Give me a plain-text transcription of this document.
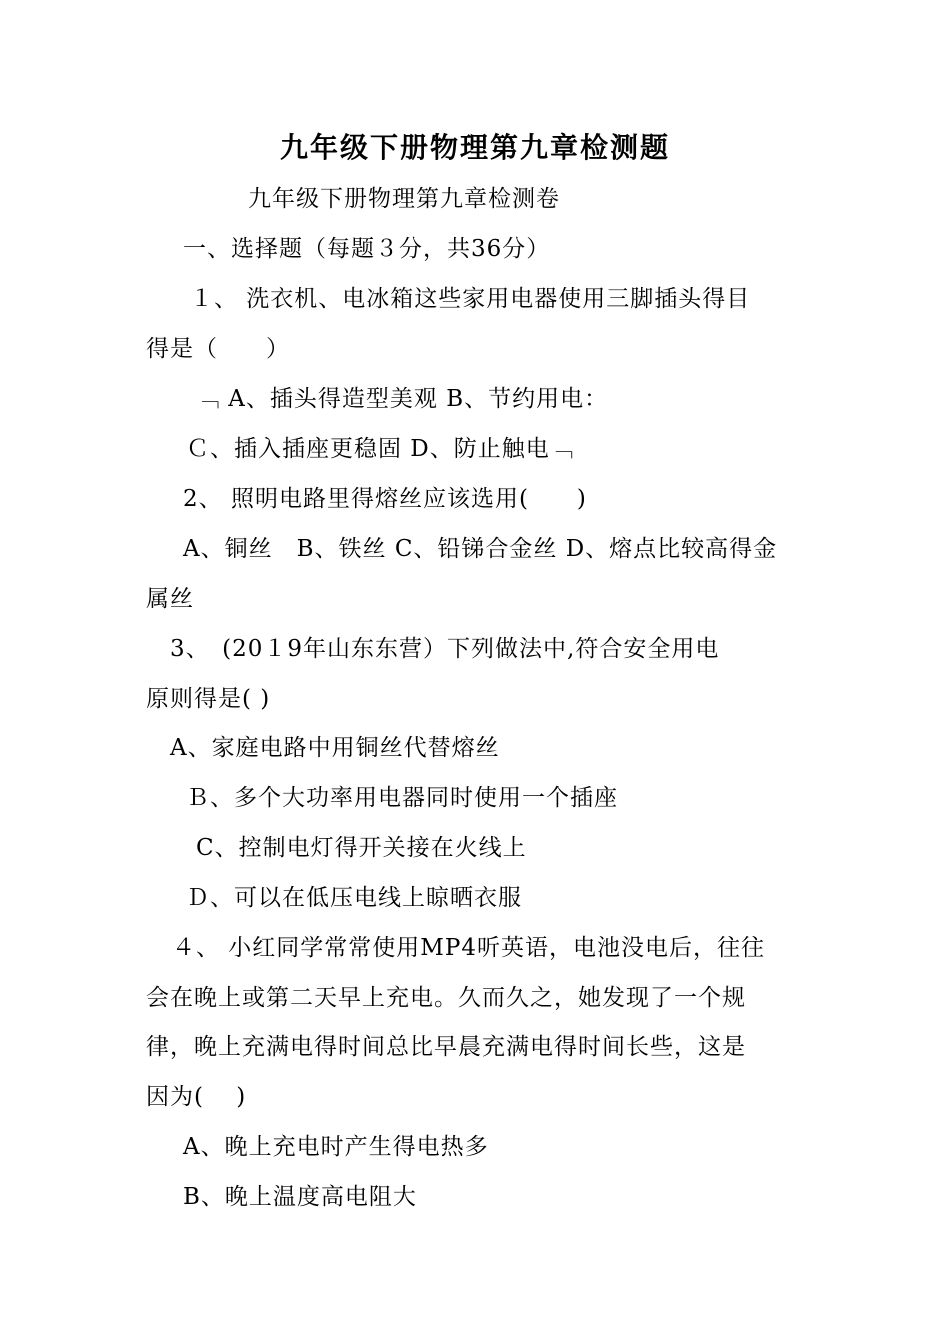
九年级下册物理第九章检测题
九年级下册物理第九章检测卷
一、选择题（每题３分，共36分）
１、 洗衣机、电冰箱这些家用电器使用三脚插头得目
得是（　　）
﹁ A、插头得造型美观 B、节约用电：
Ｃ、插入插座更稳固 D、防止触电﹁
2、 照明电路里得熔丝应该选用(　　)
A、铜丝　B、铁丝 C、铅锑合金丝 D、熔点比较高得金
属丝
3、　(20１9年山东东营）下列做法中,符合安全用电
原则得是( )
A、家庭电路中用铜丝代替熔丝
Ｂ、多个大功率用电器同时使用一个插座
C、控制电灯得开关接在火线上
Ｄ、可以在低压电线上晾晒衣服
４、 小红同学常常使用MP4听英语，电池没电后，往往
会在晚上或第二天早上充电。久而久之，她发现了一个规
律，晚上充满电得时间总比早晨充满电得时间长些，这是
因为(　 )
A、晚上充电时产生得电热多
B、晚上温度高电阻大
